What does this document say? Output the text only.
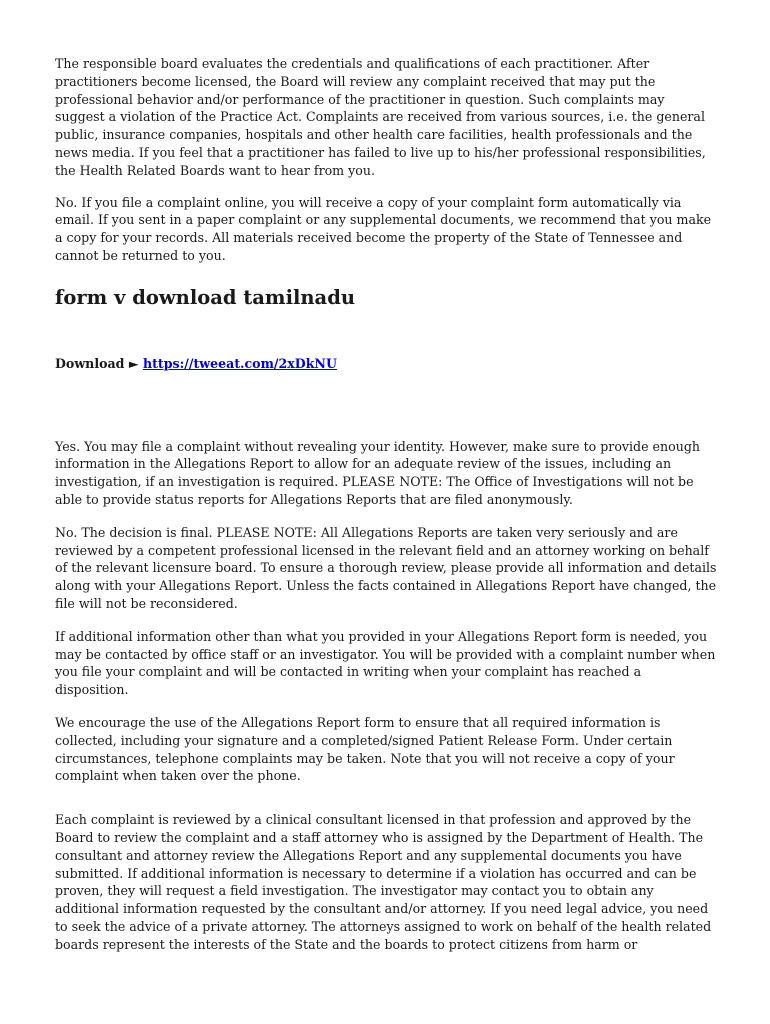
The responsible board evaluates the credentials and qualifications of each practitioner. After practitioners become licensed, the Board will review any complaint received that may put the professional behavior and/or performance of the practitioner in question. Such complaints may suggest a violation of the Practice Act. Complaints are received from various sources, i.e. the general public, insurance companies, hospitals and other health care facilities, health professionals and the news media. If you feel that a practitioner has failed to live up to his/her professional responsibilities, the Health Related Boards want to hear from you.

No. If you file a complaint online, you will receive a copy of your complaint form automatically via email. If you sent in a paper complaint or any supplemental documents, we recommend that you make a copy for your records. All materials received become the property of the State of Tennessee and cannot be returned to you.

form v download tamilnadu
Download ► https://tweeat.com/2xDkNU

Yes. You may file a complaint without revealing your identity. However, make sure to provide enough information in the Allegations Report to allow for an adequate review of the issues, including an investigation, if an investigation is required. PLEASE NOTE: The Office of Investigations will not be able to provide status reports for Allegations Reports that are filed anonymously.

No. The decision is final. PLEASE NOTE: All Allegations Reports are taken very seriously and are reviewed by a competent professional licensed in the relevant field and an attorney working on behalf of the relevant licensure board. To ensure a thorough review, please provide all information and details along with your Allegations Report. Unless the facts contained in Allegations Report have changed, the file will not be reconsidered.

If additional information other than what you provided in your Allegations Report form is needed, you may be contacted by office staff or an investigator. You will be provided with a complaint number when you file your complaint and will be contacted in writing when your complaint has reached a disposition.

We encourage the use of the Allegations Report form to ensure that all required information is collected, including your signature and a completed/signed Patient Release Form. Under certain circumstances, telephone complaints may be taken. Note that you will not receive a copy of your complaint when taken over the phone.

Each complaint is reviewed by a clinical consultant licensed in that profession and approved by the Board to review the complaint and a staff attorney who is assigned by the Department of Health. The consultant and attorney review the Allegations Report and any supplemental documents you have submitted. If additional information is necessary to determine if a violation has occurred and can be proven, they will request a field investigation. The investigator may contact you to obtain any additional information requested by the consultant and/or attorney. If you need legal advice, you need to seek the advice of a private attorney. The attorneys assigned to work on behalf of the health related boards represent the interests of the State and the boards to protect citizens from harm or
